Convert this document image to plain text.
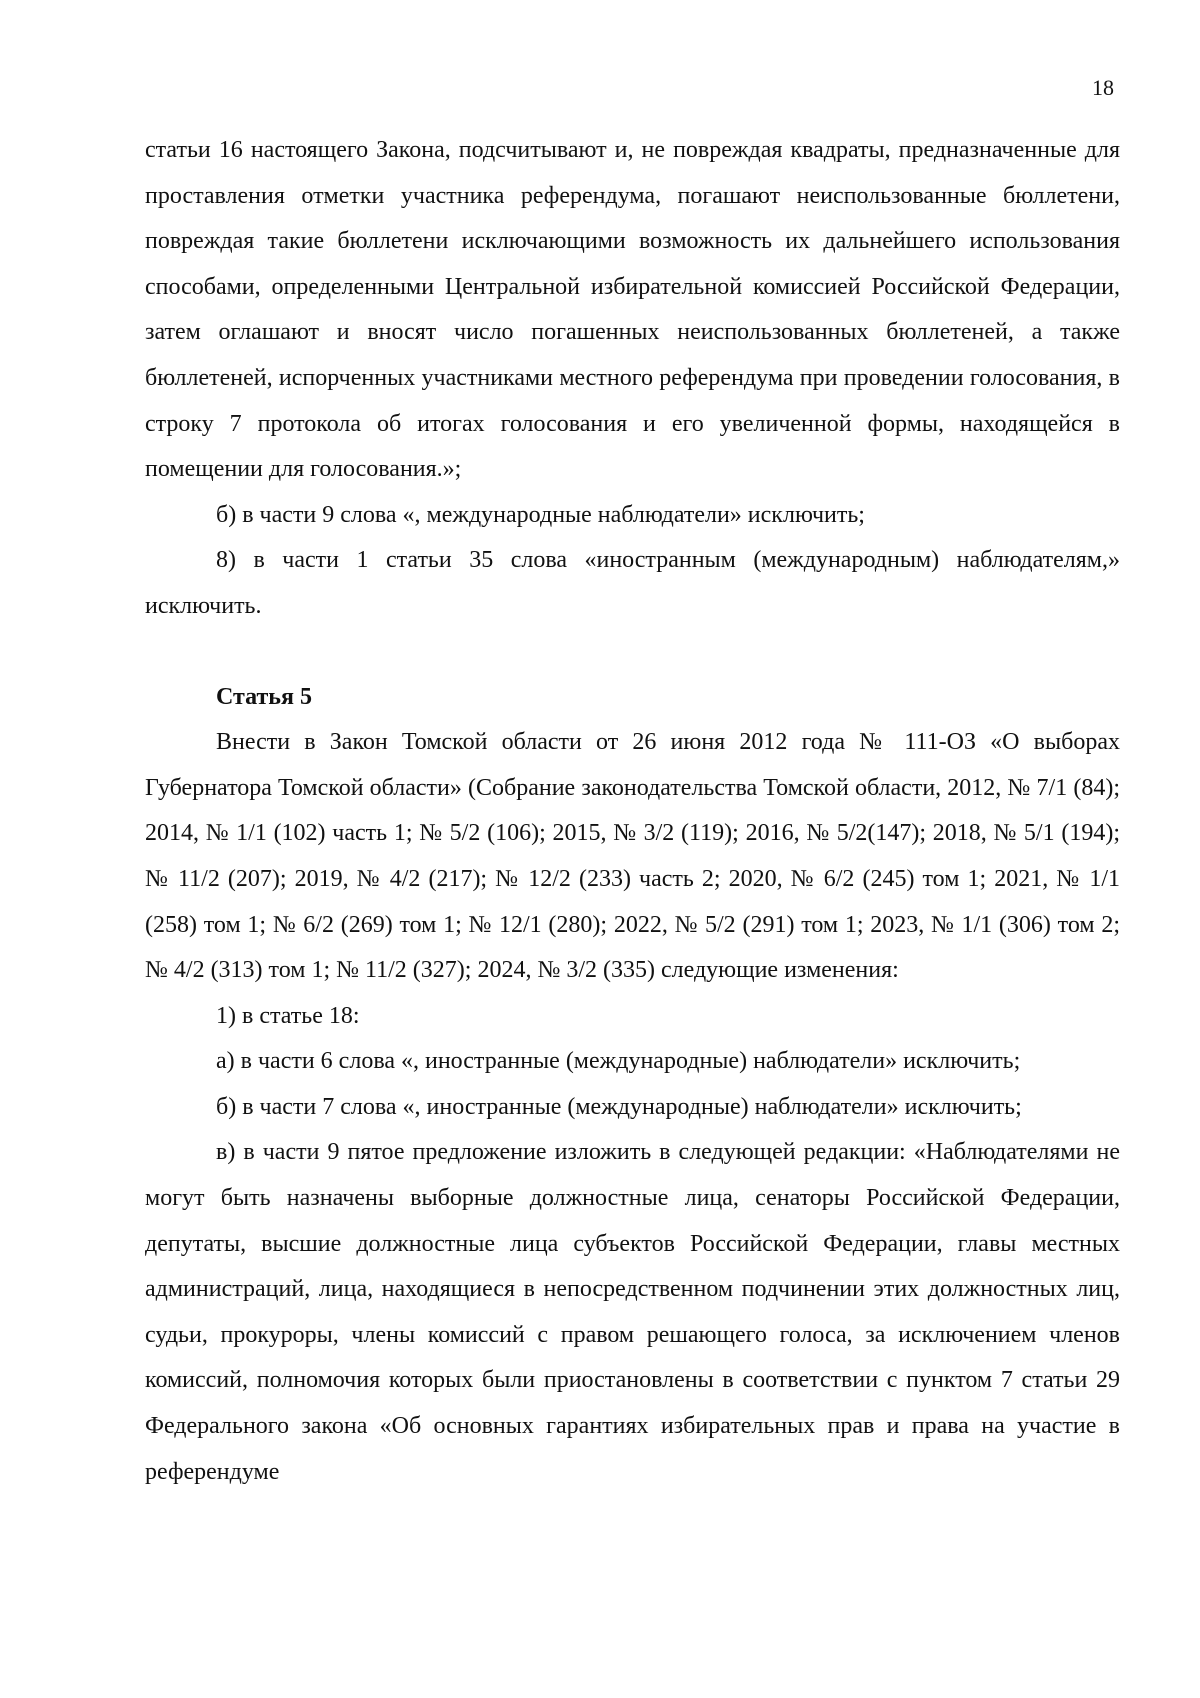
18

статьи 16 настоящего Закона, подсчитывают и, не повреждая квадраты, предназначенные для проставления отметки участника референдума, погашают неиспользованные бюллетени, повреждая такие бюллетени исключающими возможность их дальнейшего использования способами, определенными Центральной избирательной комиссией Российской Федерации, затем оглашают и вносят число погашенных неиспользованных бюллетеней, а также бюллетеней, испорченных участниками местного референдума при проведении голосования, в строку 7 протокола об итогах голосования и его увеличенной формы, находящейся в помещении для голосования.»;

б) в части 9 слова «, международные наблюдатели» исключить;

8) в части 1 статьи 35 слова «иностранным (международным) наблюдателям,» исключить.

Статья 5

Внести в Закон Томской области от 26 июня 2012 года № 111-ОЗ «О выборах Губернатора Томской области» (Собрание законодательства Томской области, 2012, № 7/1 (84); 2014, № 1/1 (102) часть 1; № 5/2 (106); 2015, № 3/2 (119); 2016, № 5/2(147); 2018, № 5/1 (194); № 11/2 (207); 2019, № 4/2 (217); № 12/2 (233) часть 2; 2020, № 6/2 (245) том 1; 2021, № 1/1 (258) том 1; № 6/2 (269) том 1; № 12/1 (280); 2022, № 5/2 (291) том 1; 2023, № 1/1 (306) том 2; № 4/2 (313) том 1; № 11/2 (327); 2024, № 3/2 (335) следующие изменения:

1) в статье 18:

а) в части 6 слова «, иностранные (международные) наблюдатели» исключить;

б) в части 7 слова «, иностранные (международные) наблюдатели» исключить;

в) в части 9 пятое предложение изложить в следующей редакции: «Наблюдателями не могут быть назначены выборные должностные лица, сенаторы Российской Федерации, депутаты, высшие должностные лица субъектов Российской Федерации, главы местных администраций, лица, находящиеся в непосредственном подчинении этих должностных лиц, судьи, прокуроры, члены комиссий с правом решающего голоса, за исключением членов комиссий, полномочия которых были приостановлены в соответствии с пунктом 7 статьи 29 Федерального закона «Об основных гарантиях избирательных прав и права на участие в референдуме
